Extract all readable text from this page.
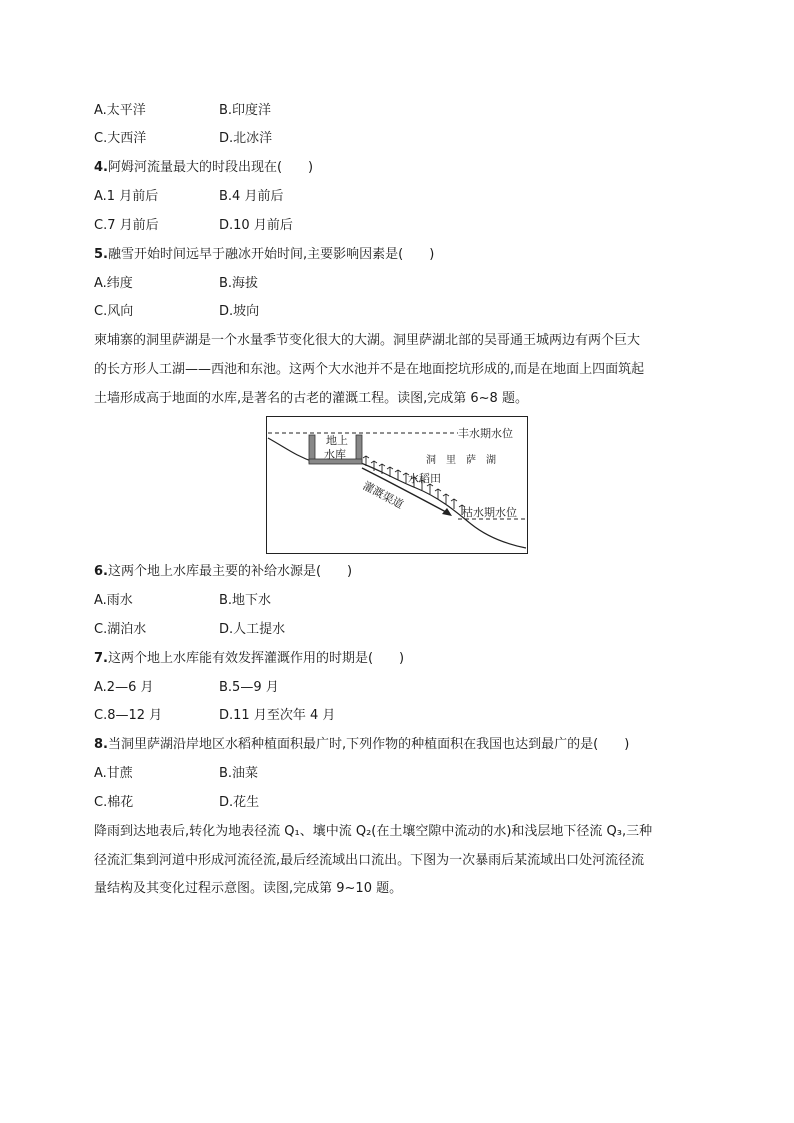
A.太平洋	B.印度洋
C.大西洋	D.北冰洋
4.阿姆河流量最大的时段出现在(　　)
A.1 月前后	B.4 月前后
C.7 月前后	D.10 月前后
5.融雪开始时间远早于融冰开始时间,主要影响因素是(　　)
A.纬度	B.海拔
C.风向	D.坡向
柬埔寨的洞里萨湖是一个水量季节变化很大的大湖。洞里萨湖北部的吴哥通王城两边有两个巨大
的长方形人工湖——西池和东池。这两个大水池并不是在地面挖坑形成的,而是在地面上四面筑起
土墙形成高于地面的水库,是著名的古老的灌溉工程。读图,完成第 6~8 题。
地上
水库
丰水期水位
洞　里　萨　湖
水稻田
灌溉渠道
枯水期水位
6.这两个地上水库最主要的补给水源是(　　)
A.雨水	B.地下水
C.湖泊水	D.人工提水
7.这两个地上水库能有效发挥灌溉作用的时期是(　　)
A.2—6 月	B.5—9 月
C.8—12 月	D.11 月至次年 4 月
8.当洞里萨湖沿岸地区水稻种植面积最广时,下列作物的种植面积在我国也达到最广的是(　　)
A.甘蔗	B.油菜
C.棉花	D.花生
降雨到达地表后,转化为地表径流 Q₁、壤中流 Q₂(在土壤空隙中流动的水)和浅层地下径流 Q₃,三种
径流汇集到河道中形成河流径流,最后经流域出口流出。下图为一次暴雨后某流域出口处河流径流
量结构及其变化过程示意图。读图,完成第 9~10 题。
